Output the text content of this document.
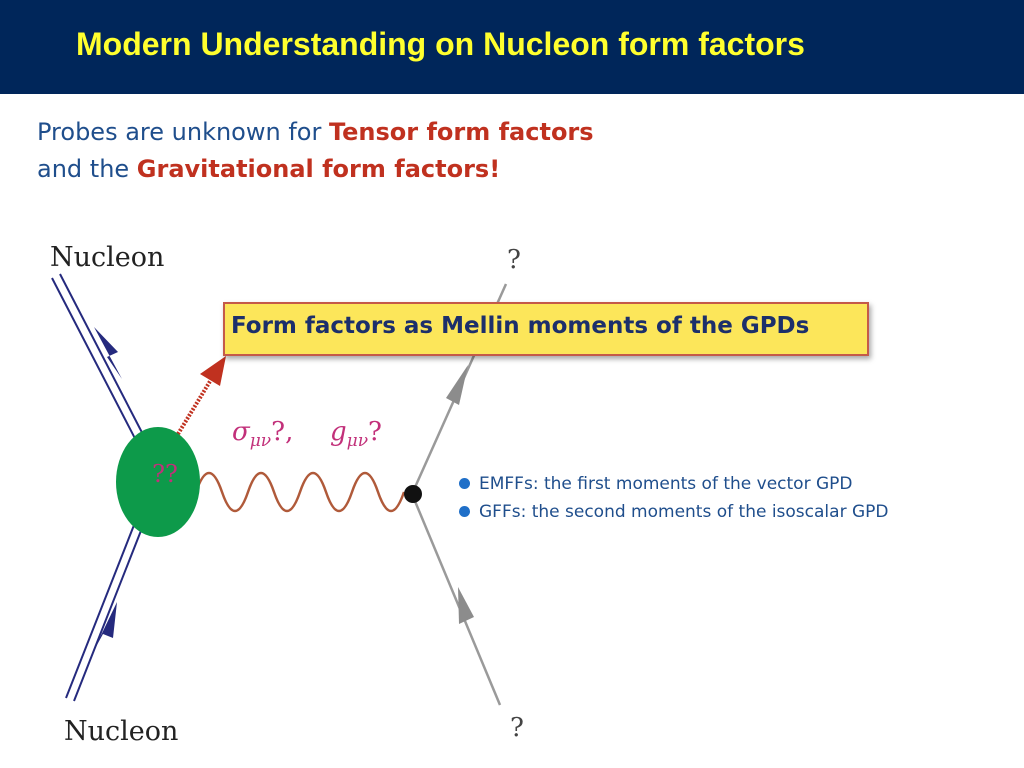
Modern Understanding on Nucleon form factors
Probes are unknown for Tensor form factors
and the Gravitational form factors!
??
Nucleon
Nucleon
?
?
$\sigma_{\mu\nu}$?, $g_{\mu\nu}$?
Form factors as Mellin moments of the GPDs
EMFFs: the first moments of the vector GPD
GFFs: the second moments of the isoscalar GPD
